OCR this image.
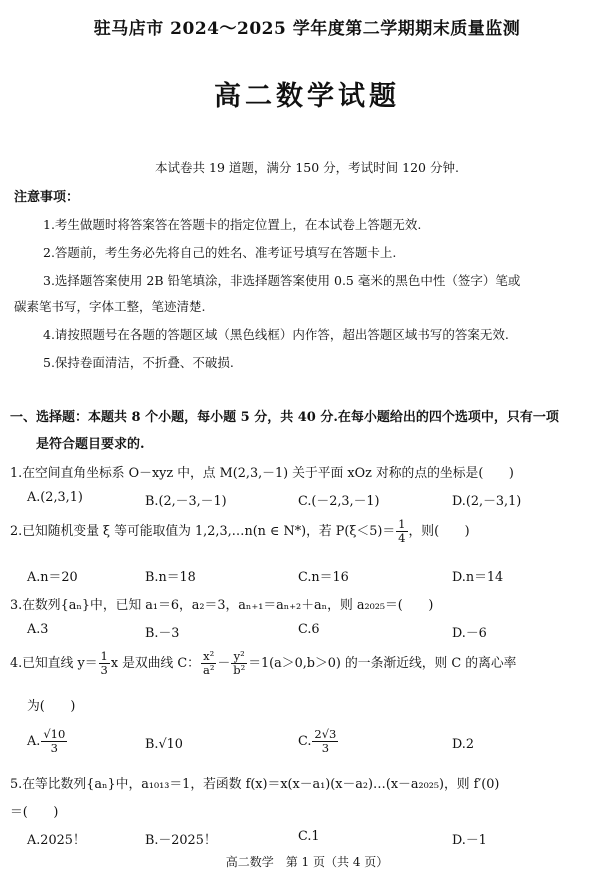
驻马店市 2024～2025 学年度第二学期期末质量监测
高二数学试题
本试卷共 19 道题，满分 150 分，考试时间 120 分钟.
注意事项：
1.考生做题时将答案答在答题卡的指定位置上，在本试卷上答题无效.
2.答题前，考生务必先将自己的姓名、准考证号填写在答题卡上.
3.选择题答案使用 2B 铅笔填涂，非选择题答案使用 0.5 毫米的黑色中性（签字）笔或
碳素笔书写，字体工整，笔迹清楚.
4.请按照题号在各题的答题区域（黑色线框）内作答，超出答题区域书写的答案无效.
5.保持卷面清洁，不折叠、不破损.
一、选择题：本题共 8 个小题，每小题 5 分，共 40 分.在每小题给出的四个选项中，只有一项
是符合题目要求的.
1.在空间直角坐标系 O－xyz 中，点 M(2,3,－1) 关于平面 xOz 对称的点的坐标是(　　)
A.(2,3,1)	B.(2,－3,－1)	C.(－2,3,－1)	D.(2,－3,1)
2.已知随机变量 ξ 等可能取值为 1,2,3,…n(n ∈ N*)，若 $P(\xi<5)= \frac{1}{4}$ ，则(　　)
A.n＝20	B.n＝18	C.n＝16	D.n＝14
3.在数列{aₙ}中，已知 a₁＝6，a₂＝3，aₙ₊₁＝aₙ₊₂＋aₙ，则 a₂₀₂₅＝(　　)
A.3	B.－3	C.6	D.－6
4.已知直线 $y= \frac{1}{3}$ x 是双曲线 C： $\frac{\text{x²}}{\text{a²}} - \frac{\text{y²}}{\text{b²}} =1(a>0,b>0)$ 的一条渐近线，则 C 的离心率
为(　　)
A. $\frac{√10}{3}$	B.√10	C. $\frac{2√3}{3}$	D.2
5.在等比数列{aₙ}中，a₁₀₁₃＝1，若函数 f(x)＝x(x－a₁)(x－a₂)…(x－a₂₀₂₅)，则 f′(0)
＝(　　)
A.2025！	B.－2025！	C.1	D.－1
高二数学　第 1 页（共 4 页）
